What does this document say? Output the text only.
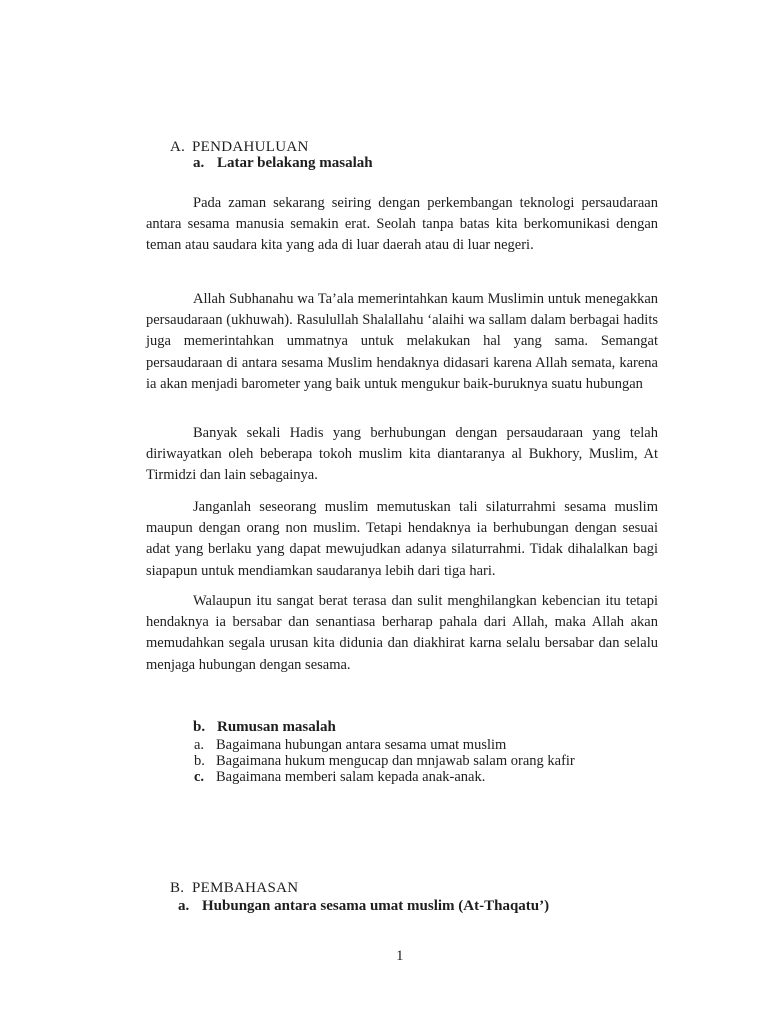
A. PENDAHULUAN
a. Latar belakang masalah

Pada zaman sekarang seiring dengan perkembangan teknologi persaudaraan antara sesama manusia semakin erat. Seolah tanpa batas kita berkomunikasi dengan teman atau saudara kita yang ada di luar daerah atau di luar negeri.

Allah Subhanahu wa Ta’ala memerintahkan kaum Muslimin untuk menegakkan persaudaraan (ukhuwah). Rasulullah Shalallahu ‘alaihi wa sallam dalam berbagai hadits juga memerintahkan ummatnya untuk melakukan hal yang sama. Semangat persaudaraan di antara sesama Muslim hendaknya didasari karena Allah semata, karena ia akan menjadi barometer yang baik untuk mengukur baik-buruknya suatu hubungan

Banyak sekali Hadis yang berhubungan dengan persaudaraan yang telah diriwayatkan oleh beberapa tokoh muslim kita diantaranya al Bukhory, Muslim, At Tirmidzi dan lain sebagainya.

Janganlah seseorang muslim memutuskan tali silaturrahmi sesama muslim maupun dengan orang non muslim. Tetapi hendaknya ia berhubungan dengan sesuai adat yang berlaku yang dapat mewujudkan adanya silaturrahmi. Tidak dihalalkan bagi siapapun untuk mendiamkan saudaranya lebih dari tiga hari.

Walaupun itu sangat berat terasa dan sulit menghilangkan kebencian itu tetapi hendaknya ia bersabar dan senantiasa berharap pahala dari Allah, maka Allah akan memudahkan segala urusan kita didunia dan diakhirat karna selalu bersabar dan selalu menjaga hubungan dengan sesama.

b. Rumusan masalah
a. Bagaimana hubungan antara sesama umat muslim
b. Bagaimana hukum mengucap dan mnjawab salam orang kafir
c. Bagaimana memberi salam kepada anak-anak.
B. PEMBAHASAN
a. Hubungan antara sesama umat muslim (At-Thaqatu’)
1
